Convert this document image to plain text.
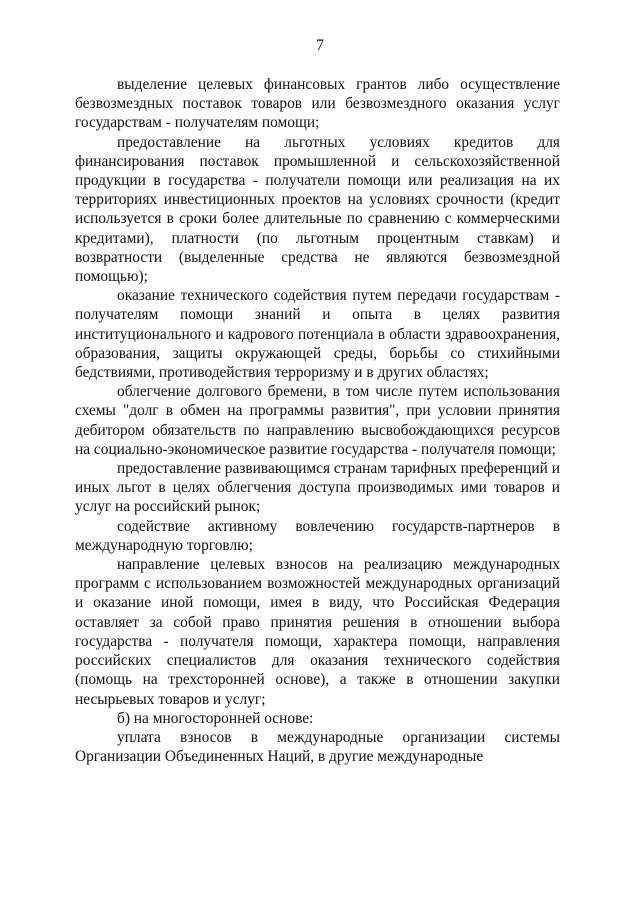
7

выделение целевых финансовых грантов либо осуществление безвозмездных поставок товаров или безвозмездного оказания услуг государствам - получателям помощи;

предоставление на льготных условиях кредитов для финансирования поставок промышленной и сельскохозяйственной продукции в государства - получатели помощи или реализация на их территориях инвестиционных проектов на условиях срочности (кредит используется в сроки более длительные по сравнению с коммерческими кредитами), платности (по льготным процентным ставкам) и возвратности (выделенные средства не являются безвозмездной помощью);

оказание технического содействия путем передачи государствам - получателям помощи знаний и опыта в целях развития институционального и кадрового потенциала в области здравоохранения, образования, защиты окружающей среды, борьбы со стихийными бедствиями, противодействия терроризму и в других областях;

облегчение долгового бремени, в том числе путем использования схемы "долг в обмен на программы развития", при условии принятия дебитором обязательств по направлению высвобождающихся ресурсов на социально-экономическое развитие государства - получателя помощи;

предоставление развивающимся странам тарифных преференций и иных льгот в целях облегчения доступа производимых ими товаров и услуг на российский рынок;

содействие активному вовлечению государств-партнеров в международную торговлю;

направление целевых взносов на реализацию международных программ с использованием возможностей международных организаций и оказание иной помощи, имея в виду, что Российская Федерация оставляет за собой право принятия решения в отношении выбора государства - получателя помощи, характера помощи, направления российских специалистов для оказания технического содействия (помощь на трехсторонней основе), а также в отношении закупки несырьевых товаров и услуг;

б) на многосторонней основе:

уплата взносов в международные организации системы Организации Объединенных Наций, в другие международные
